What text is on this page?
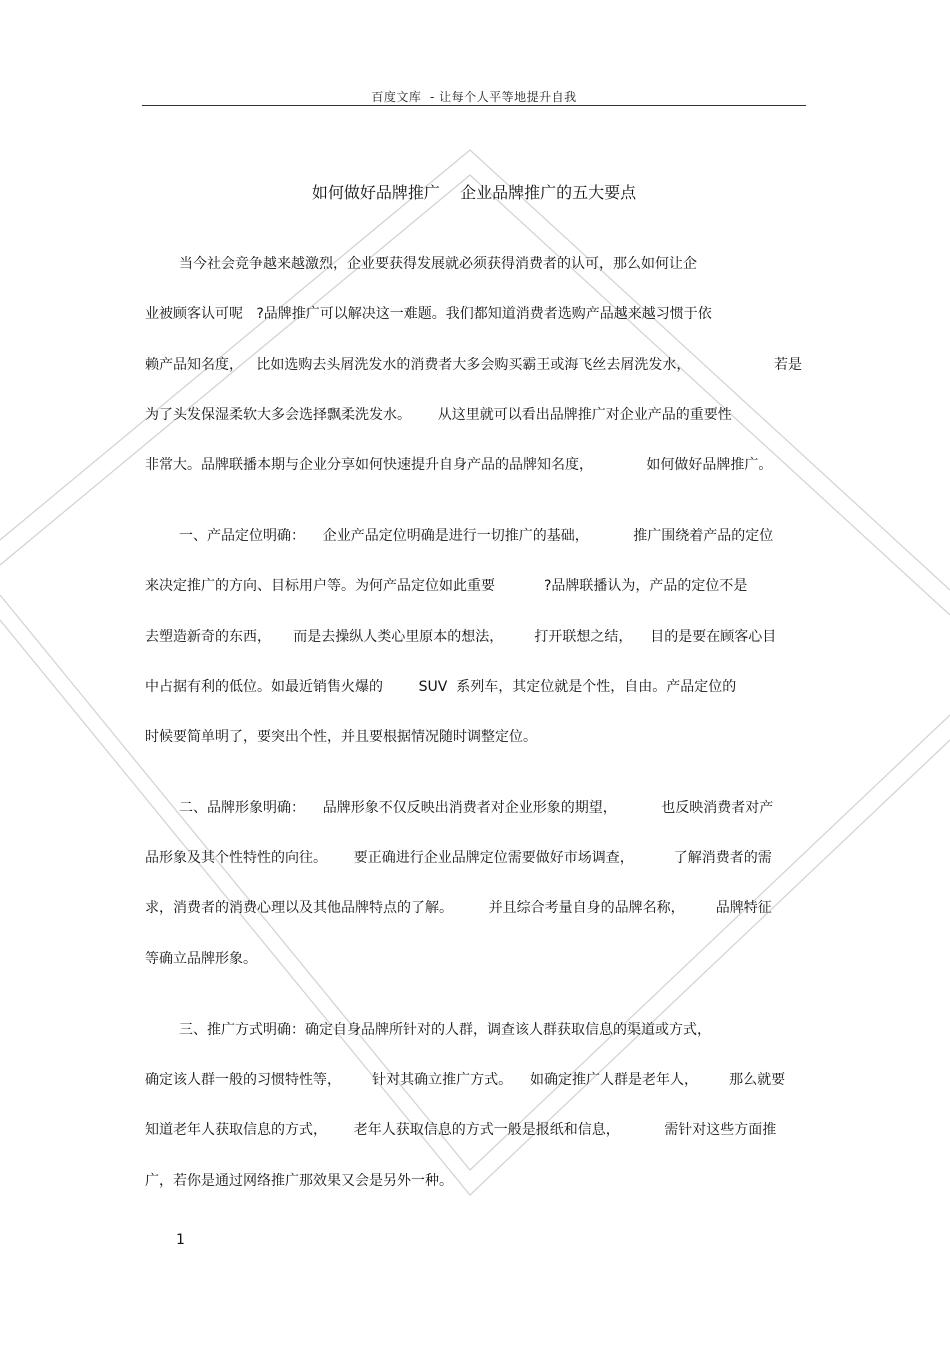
百度文库  - 让每个人平等地提升自我
如何做好品牌推广    企业品牌推广的五大要点
当今社会竞争越来越激烈，企业要获得发展就必须获得消费者的认可，那么如何让企
业被顾客认可呢   ?品牌推广可以解决这一难题。我们都知道消费者选购产品越来越习惯于依
赖产品知名度，   比如选购去头屑洗发水的消费者大多会购买霸王或海飞丝去屑洗发水，	若是
为了头发保湿柔软大多会选择飘柔洗发水。      从这里就可以看出品牌推广对企业产品的重要性
非常大。品牌联播本期与企业分享如何快速提升自身产品的品牌知名度，            如何做好品牌推广。
一、产品定位明确：    企业产品定位明确是进行一切推广的基础，          推广围绕着产品的定位
来决定推广的方向、目标用户等。为何产品定位如此重要           ?品牌联播认为，产品的定位不是
去塑造新奇的东西，     而是去操纵人类心里原本的想法，       打开联想之结，    目的是要在顾客心目
中占据有利的低位。如最近销售火爆的        SUV  系列车，其定位就是个性，自由。产品定位的
时候要简单明了，要突出个性，并且要根据情况随时调整定位。
二、品牌形象明确：    品牌形象不仅反映出消费者对企业形象的期望，          也反映消费者对产
品形象及其个性特性的向往。      要正确进行企业品牌定位需要做好市场调查，         了解消费者的需
求，消费者的消费心理以及其他品牌特点的了解。        并且综合考量自身的品牌名称，       品牌特征
等确立品牌形象。
三、推广方式明确：确定自身品牌所针对的人群，调查该人群获取信息的渠道或方式，
确定该人群一般的习惯特性等，       针对其确立推广方式。    如确定推广人群是老年人，       那么就要
知道老年人获取信息的方式，      老年人获取信息的方式一般是报纸和信息，          需针对这些方面推
广，若你是通过网络推广那效果又会是另外一种。
1
